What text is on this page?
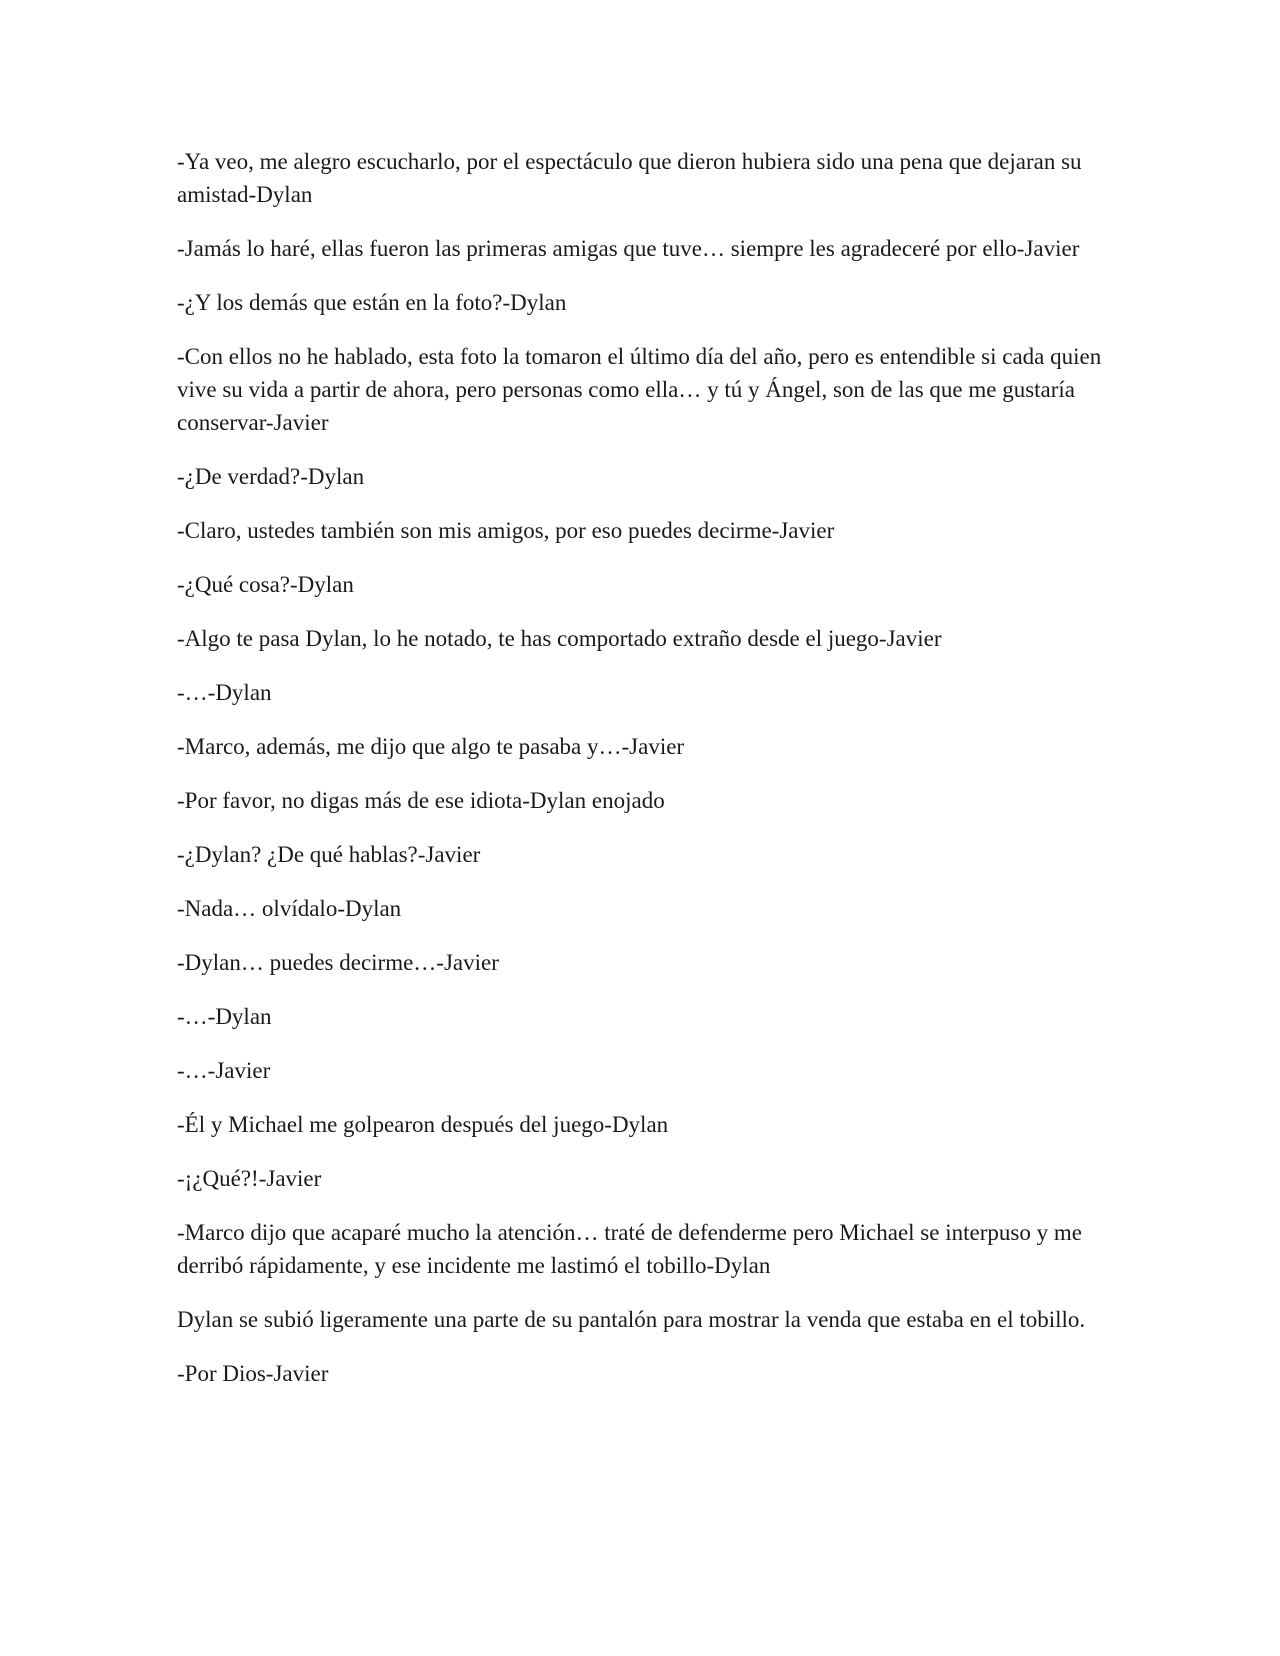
-Ya veo, me alegro escucharlo, por el espectáculo que dieron hubiera sido una pena que dejaran su amistad-Dylan

-Jamás lo haré, ellas fueron las primeras amigas que tuve… siempre les agradeceré por ello-Javier

-¿Y los demás que están en la foto?-Dylan

-Con ellos no he hablado, esta foto la tomaron el último día del año, pero es entendible si cada quien vive su vida a partir de ahora, pero personas como ella… y tú y Ángel, son de las que me gustaría conservar-Javier

-¿De verdad?-Dylan

-Claro, ustedes también son mis amigos, por eso puedes decirme-Javier

-¿Qué cosa?-Dylan

-Algo te pasa Dylan, lo he notado, te has comportado extraño desde el juego-Javier

-…-Dylan

-Marco, además, me dijo que algo te pasaba y…-Javier

-Por favor, no digas más de ese idiota-Dylan enojado

-¿Dylan? ¿De qué hablas?-Javier

-Nada… olvídalo-Dylan

-Dylan… puedes decirme…-Javier

-…-Dylan

-…-Javier

-Él y Michael me golpearon después del juego-Dylan

-¡¿Qué?!-Javier

-Marco dijo que acaparé mucho la atención… traté de defenderme pero Michael se interpuso y me derribó rápidamente, y ese incidente me lastimó el tobillo-Dylan

Dylan se subió ligeramente una parte de su pantalón para mostrar la venda que estaba en el tobillo.

-Por Dios-Javier
